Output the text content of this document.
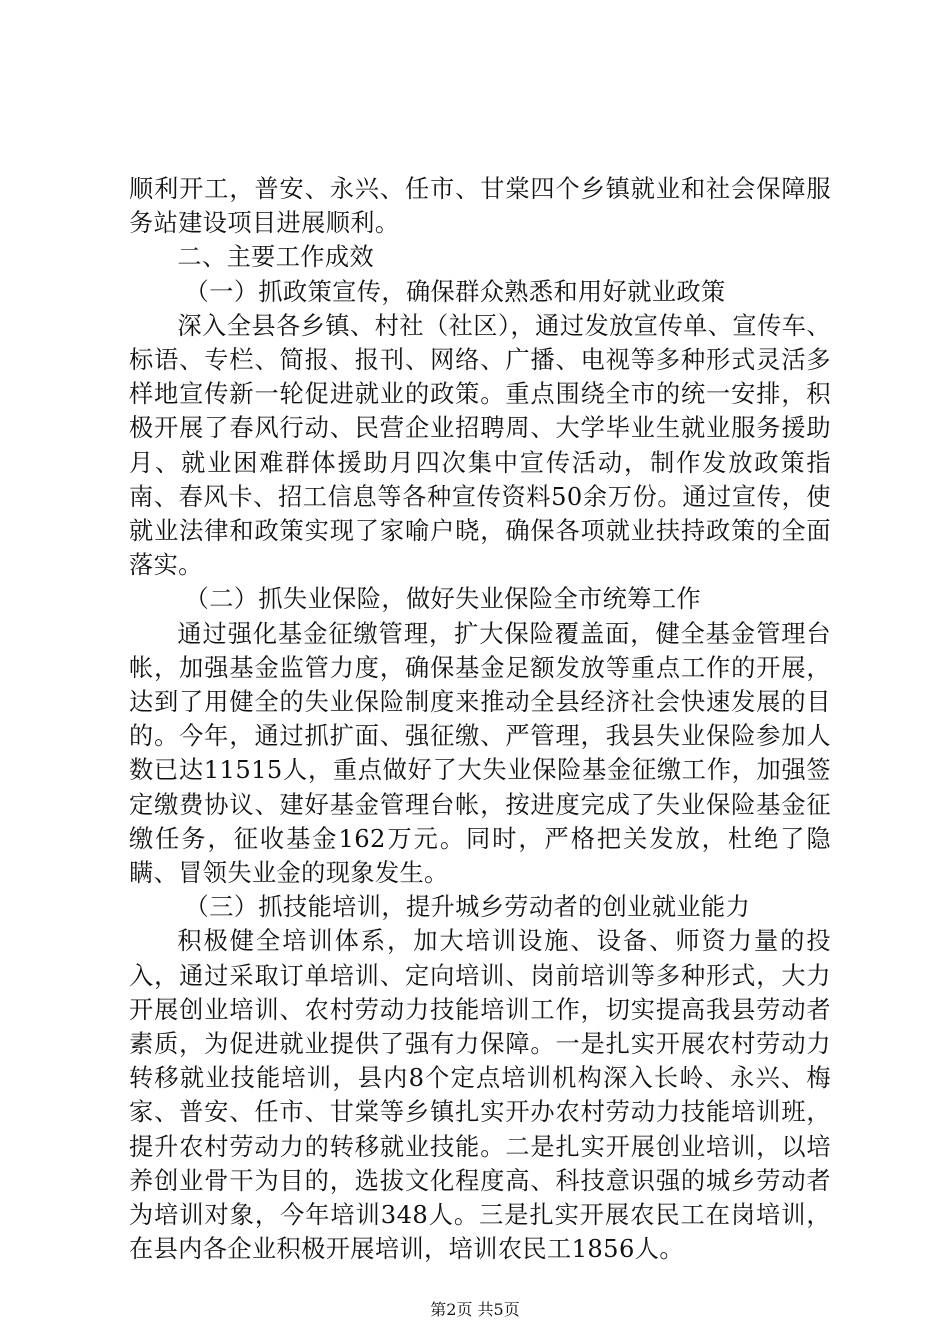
顺利开工，普安、永兴、任市、甘棠四个乡镇就业和社会保障服务站建设项目进展顺利。

二、主要工作成效

（一）抓政策宣传，确保群众熟悉和用好就业政策

深入全县各乡镇、村社（社区），通过发放宣传单、宣传车、标语、专栏、简报、报刊、网络、广播、电视等多种形式灵活多样地宣传新一轮促进就业的政策。重点围绕全市的统一安排，积极开展了春风行动、民营企业招聘周、大学毕业生就业服务援助月、就业困难群体援助月四次集中宣传活动，制作发放政策指南、春风卡、招工信息等各种宣传资料50余万份。通过宣传，使就业法律和政策实现了家喻户晓，确保各项就业扶持政策的全面落实。

（二）抓失业保险，做好失业保险全市统筹工作

通过强化基金征缴管理，扩大保险覆盖面，健全基金管理台帐，加强基金监管力度，确保基金足额发放等重点工作的开展，达到了用健全的失业保险制度来推动全县经济社会快速发展的目的。今年，通过抓扩面、强征缴、严管理，我县失业保险参加人数已达11515人，重点做好了大失业保险基金征缴工作，加强签定缴费协议、建好基金管理台帐，按进度完成了失业保险基金征缴任务，征收基金162万元。同时，严格把关发放，杜绝了隐瞒、冒领失业金的现象发生。

（三）抓技能培训，提升城乡劳动者的创业就业能力

积极健全培训体系，加大培训设施、设备、师资力量的投入，通过采取订单培训、定向培训、岗前培训等多种形式，大力开展创业培训、农村劳动力技能培训工作，切实提高我县劳动者素质，为促进就业提供了强有力保障。一是扎实开展农村劳动力转移就业技能培训，县内8个定点培训机构深入长岭、永兴、梅家、普安、任市、甘棠等乡镇扎实开办农村劳动力技能培训班，提升农村劳动力的转移就业技能。二是扎实开展创业培训，以培养创业骨干为目的，选拔文化程度高、科技意识强的城乡劳动者为培训对象，今年培训348人。三是扎实开展农民工在岗培训，在县内各企业积极开展培训，培训农民工1856人。

第2页 共5页
